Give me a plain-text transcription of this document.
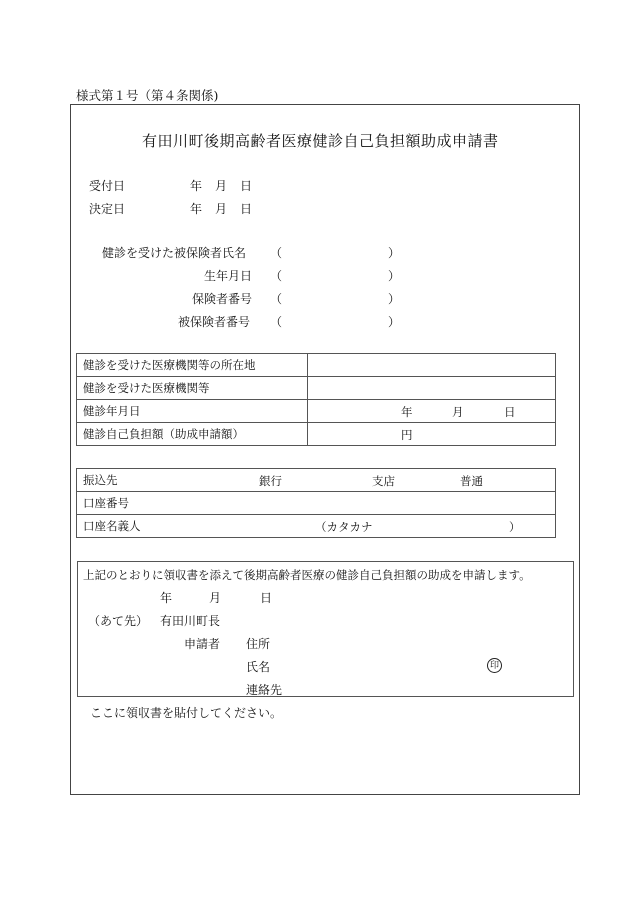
様式第１号（第４条関係)
有田川町後期高齢者医療健診自己負担額助成申請書
受付日	年 月 日
決定日	年 月 日
健診を受けた被保険者氏名 （	）
生年月日 （	）
保険者番号 （	）
被保険者番号 （	）
健診を受けた医療機関等の所在地	
健診を受けた医療機関等	
健診年月日	年 月 日

健診自己負担額（助成申請額）	円
振込先	銀行	支店	普通

口座番号
口座名義人	（カタカナ	）
上記のとおりに領収書を添えて後期高齢者医療の健診自己負担額の助成を申請します。
年	月	日
（あて先） 有田川町長
申請者 住所
氏名	印
連絡先
ここに領収書を貼付してください。
